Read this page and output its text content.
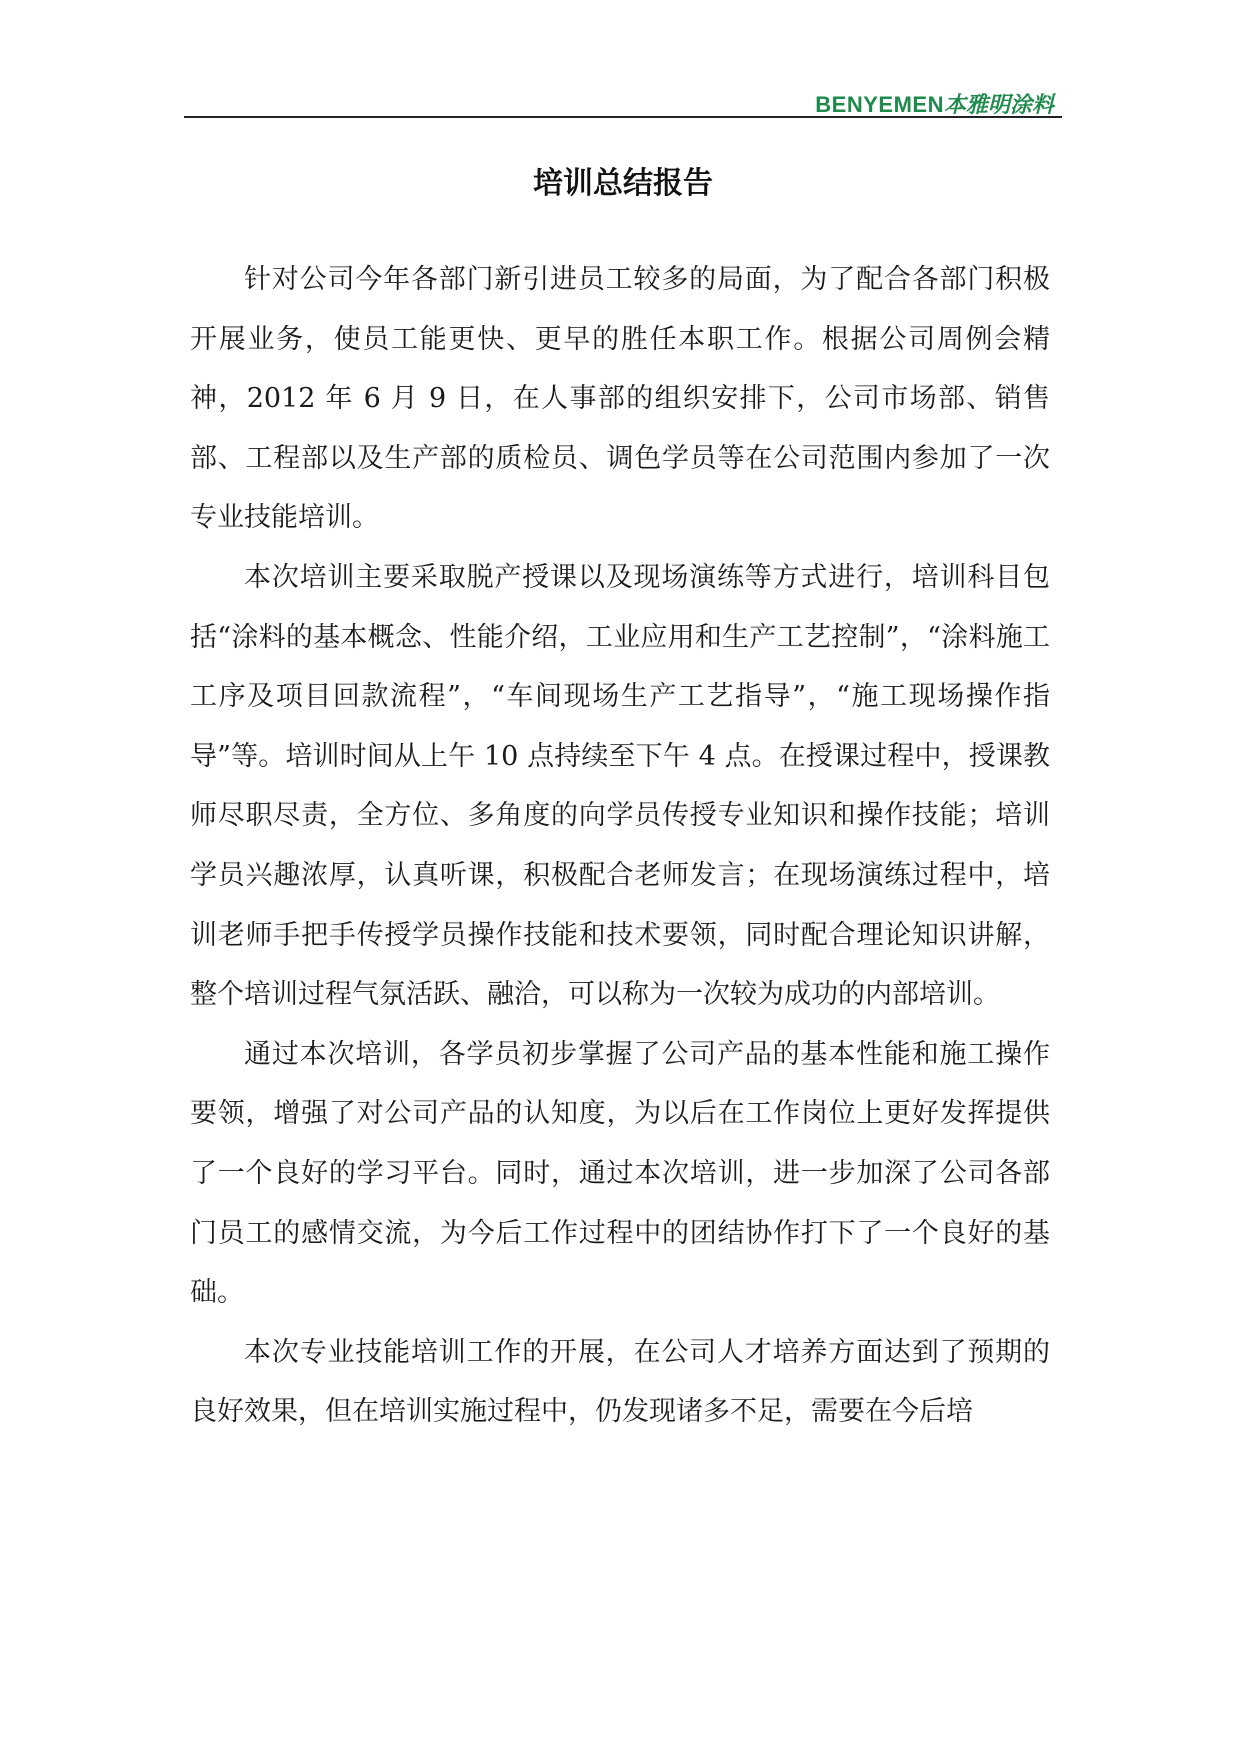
BENYEMEN本雅明涂料
培训总结报告

针对公司今年各部门新引进员工较多的局面，为了配合各部门积极开展业务，使员工能更快、更早的胜任本职工作。根据公司周例会精神，2012 年 6 月 9 日，在人事部的组织安排下，公司市场部、销售部、工程部以及生产部的质检员、调色学员等在公司范围内参加了一次专业技能培训。

本次培训主要采取脱产授课以及现场演练等方式进行，培训科目包括“涂料的基本概念、性能介绍，工业应用和生产工艺控制”，“涂料施工工序及项目回款流程”，“车间现场生产工艺指导”，“施工现场操作指导”等。培训时间从上午 10 点持续至下午 4 点。在授课过程中，授课教师尽职尽责，全方位、多角度的向学员传授专业知识和操作技能；培训学员兴趣浓厚，认真听课，积极配合老师发言；在现场演练过程中，培训老师手把手传授学员操作技能和技术要领，同时配合理论知识讲解，整个培训过程气氛活跃、融洽，可以称为一次较为成功的内部培训。

通过本次培训，各学员初步掌握了公司产品的基本性能和施工操作要领，增强了对公司产品的认知度，为以后在工作岗位上更好发挥提供了一个良好的学习平台。同时，通过本次培训，进一步加深了公司各部门员工的感情交流，为今后工作过程中的团结协作打下了一个良好的基础。

本次专业技能培训工作的开展，在公司人才培养方面达到了预期的良好效果，但在培训实施过程中，仍发现诸多不足，需要在今后培
